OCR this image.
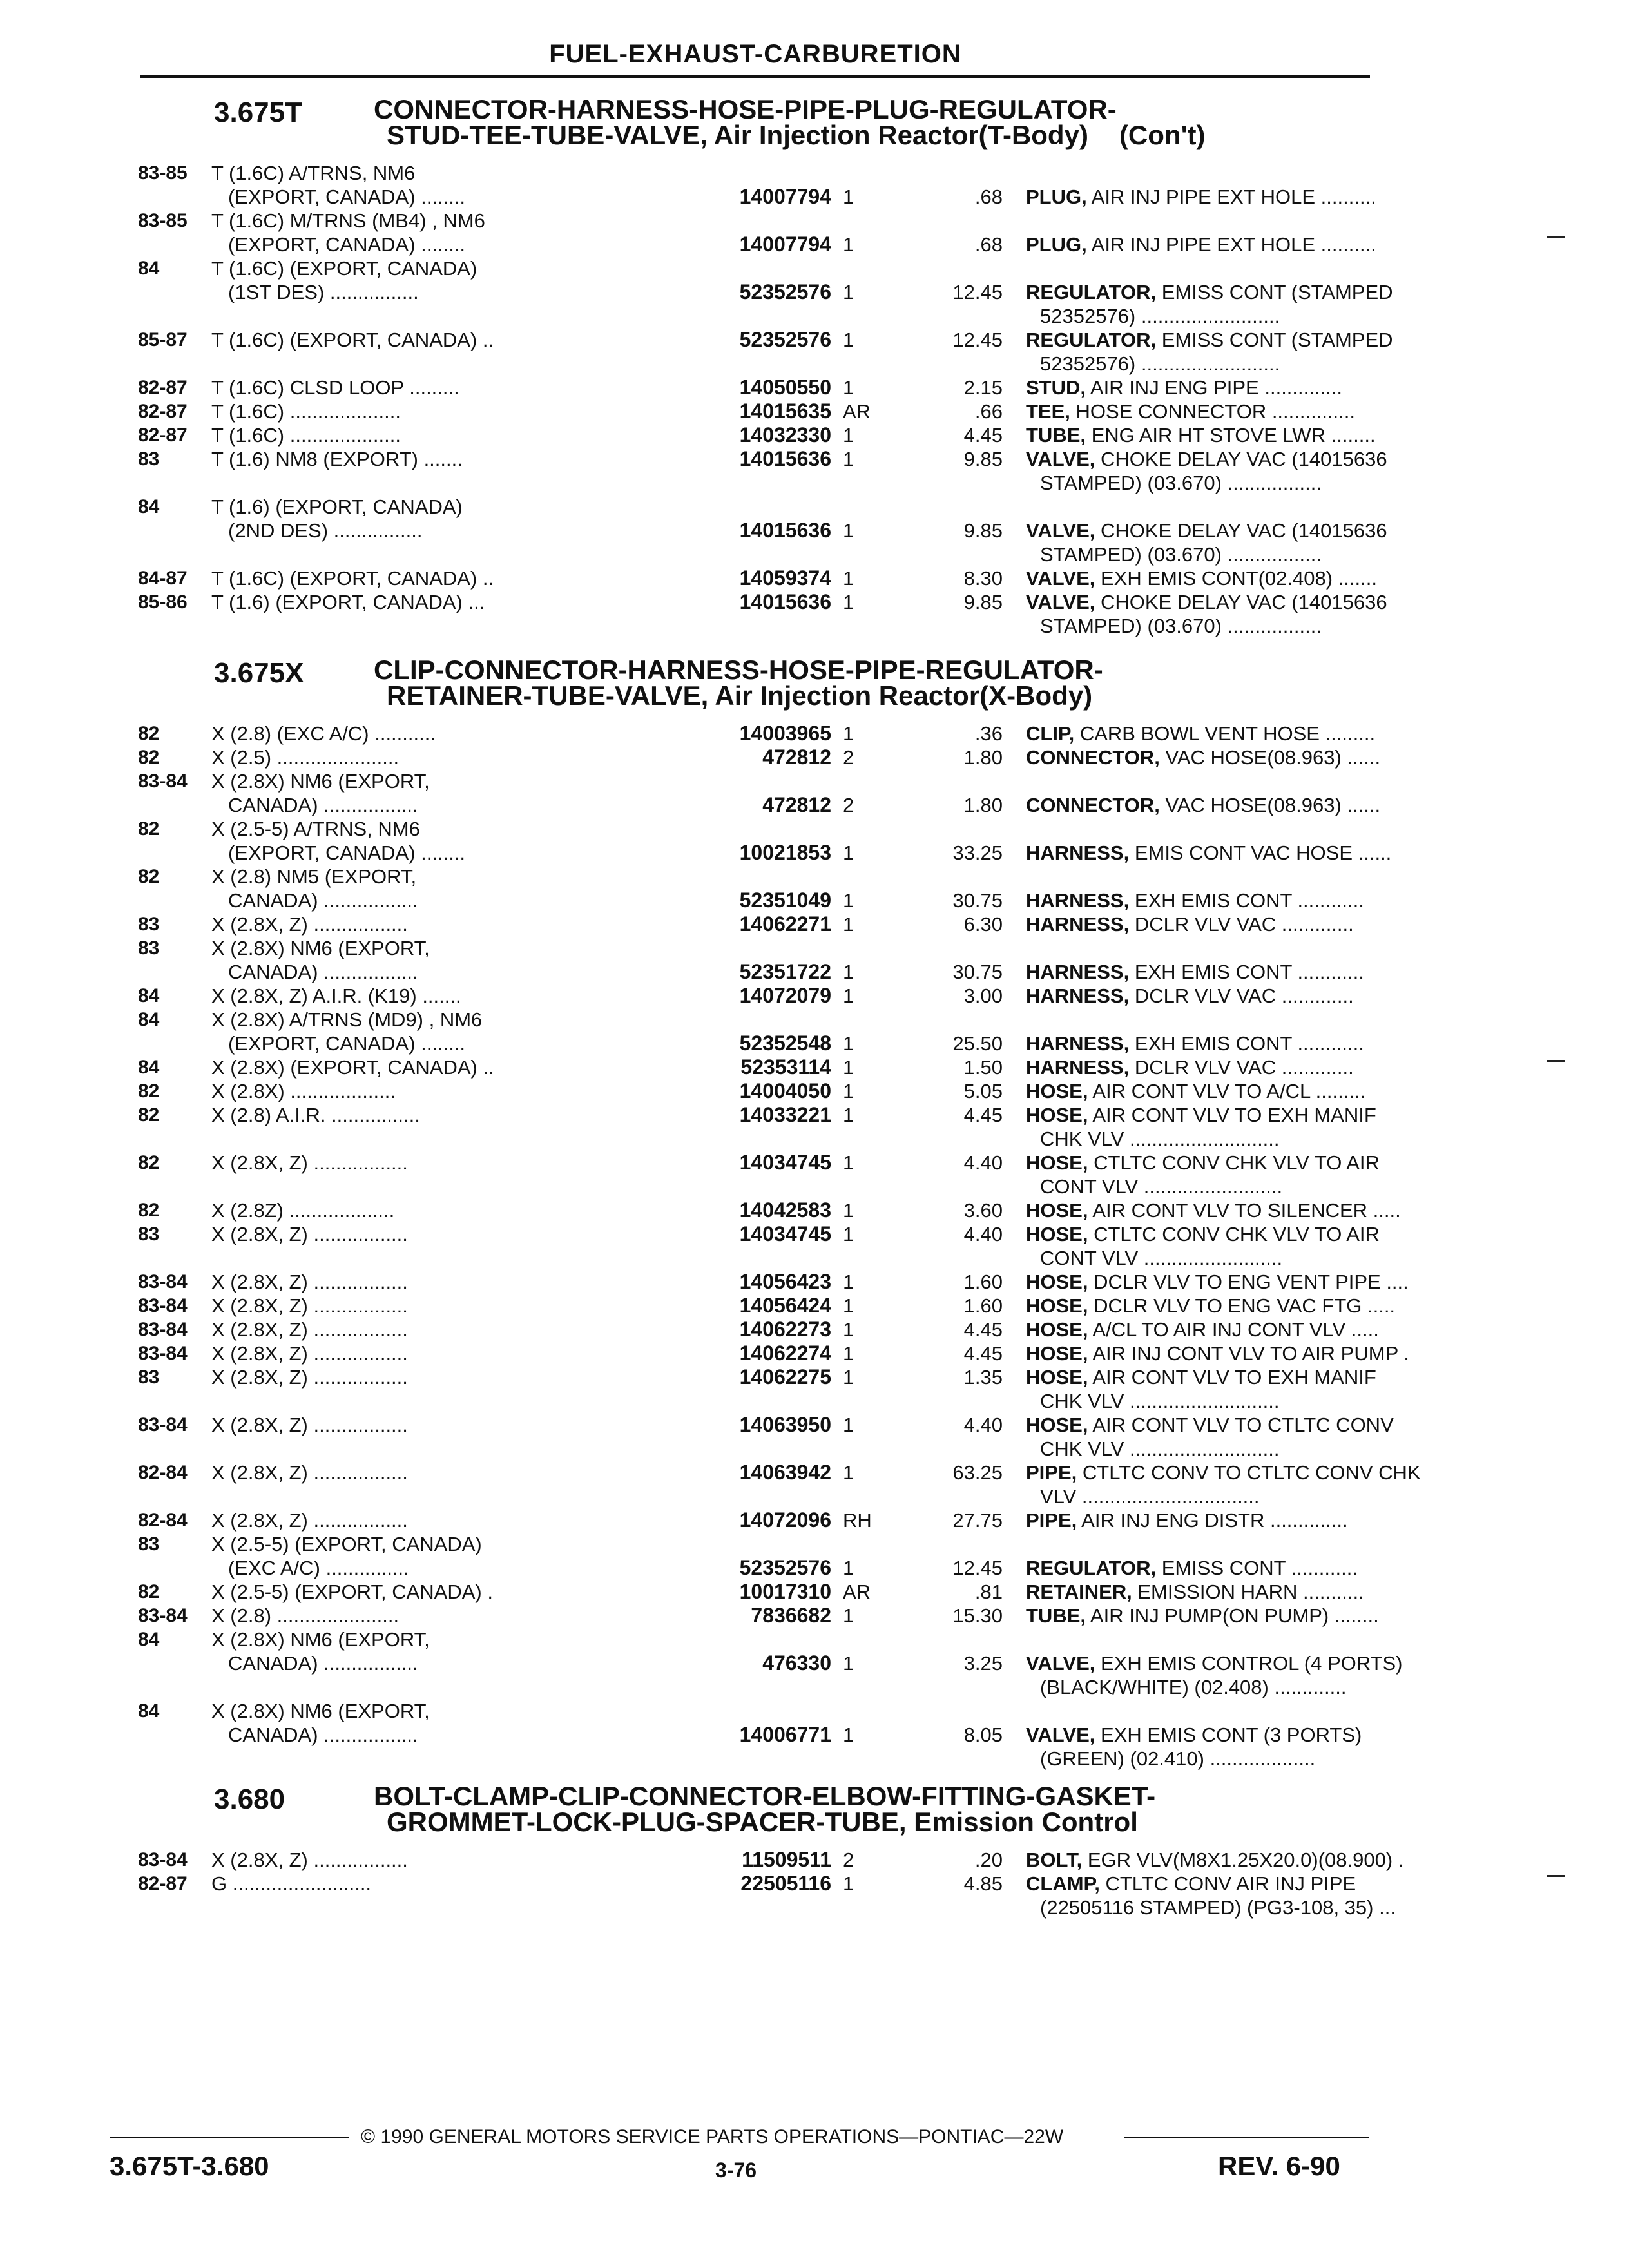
FUEL-EXHAUST-CARBURETION
3.675T	CONNECTOR-HARNESS-HOSE-PIPE-PLUG-REGULATOR-
STUD-TEE-TUBE-VALVE, Air Injection Reactor(T-Body) (Con't)
83-85	T (1.6C) A/TRNS, NM6
(EXPORT, CANADA) ........	14007794 1	.68 PLUG, AIR INJ PIPE EXT HOLE ..........
83-85	T (1.6C) M/TRNS (MB4) , NM6
(EXPORT, CANADA) ........	14007794 1	.68 PLUG, AIR INJ PIPE EXT HOLE ..........
84	T (1.6C) (EXPORT, CANADA)
(1ST DES) ................	52352576 1	12.45 REGULATOR, EMISS CONT (STAMPED
52352576) .........................
85-87	T (1.6C) (EXPORT, CANADA) ..	52352576 1	12.45 REGULATOR, EMISS CONT (STAMPED
52352576) .........................
82-87	T (1.6C) CLSD LOOP .........	14050550 1	2.15 STUD, AIR INJ ENG PIPE ..............
82-87	T (1.6C) ....................	14015635 AR	.66 TEE, HOSE CONNECTOR ...............
82-87	T (1.6C) ....................	14032330 1	4.45 TUBE, ENG AIR HT STOVE LWR ........
83	T (1.6) NM8 (EXPORT) .......	14015636 1	9.85 VALVE, CHOKE DELAY VAC (14015636
STAMPED) (03.670) .................
84	T (1.6) (EXPORT, CANADA)
(2ND DES) ................	14015636 1	9.85 VALVE, CHOKE DELAY VAC (14015636
STAMPED) (03.670) .................
84-87	T (1.6C) (EXPORT, CANADA) ..	14059374 1	8.30 VALVE, EXH EMIS CONT(02.408) .......
85-86	T (1.6) (EXPORT, CANADA) ...	14015636 1	9.85 VALVE, CHOKE DELAY VAC (14015636
STAMPED) (03.670) .................
3.675X	CLIP-CONNECTOR-HARNESS-HOSE-PIPE-REGULATOR-
RETAINER-TUBE-VALVE, Air Injection Reactor(X-Body)
82	X (2.8) (EXC A/C) ...........	14003965 1	.36 CLIP, CARB BOWL VENT HOSE .........
82	X (2.5) ......................	472812 2	1.80 CONNECTOR, VAC HOSE(08.963) ......
83-84	X (2.8X) NM6 (EXPORT,
CANADA) .................	472812 2	1.80 CONNECTOR, VAC HOSE(08.963) ......
82	X (2.5-5) A/TRNS, NM6
(EXPORT, CANADA) ........	10021853 1	33.25 HARNESS, EMIS CONT VAC HOSE ......
82	X (2.8) NM5 (EXPORT,
CANADA) .................	52351049 1	30.75 HARNESS, EXH EMIS CONT ............
83	X (2.8X, Z) .................	14062271 1	6.30 HARNESS, DCLR VLV VAC .............
83	X (2.8X) NM6 (EXPORT,
CANADA) .................	52351722 1	30.75 HARNESS, EXH EMIS CONT ............
84	X (2.8X, Z) A.I.R. (K19) .......	14072079 1	3.00 HARNESS, DCLR VLV VAC .............
84	X (2.8X) A/TRNS (MD9) , NM6
(EXPORT, CANADA) ........	52352548 1	25.50 HARNESS, EXH EMIS CONT ............
84	X (2.8X) (EXPORT, CANADA) ..	52353114 1	1.50 HARNESS, DCLR VLV VAC .............
82	X (2.8X) ...................	14004050 1	5.05 HOSE, AIR CONT VLV TO A/CL .........
82	X (2.8) A.I.R. ................	14033221 1	4.45 HOSE, AIR CONT VLV TO EXH MANIF
CHK VLV ...........................
82	X (2.8X, Z) .................	14034745 1	4.40 HOSE, CTLTC CONV CHK VLV TO AIR
CONT VLV .........................
82	X (2.8Z) ...................	14042583 1	3.60 HOSE, AIR CONT VLV TO SILENCER .....
83	X (2.8X, Z) .................	14034745 1	4.40 HOSE, CTLTC CONV CHK VLV TO AIR
CONT VLV .........................
83-84	X (2.8X, Z) .................	14056423 1	1.60 HOSE, DCLR VLV TO ENG VENT PIPE ....
83-84	X (2.8X, Z) .................	14056424 1	1.60 HOSE, DCLR VLV TO ENG VAC FTG .....
83-84	X (2.8X, Z) .................	14062273 1	4.45 HOSE, A/CL TO AIR INJ CONT VLV .....
83-84	X (2.8X, Z) .................	14062274 1	4.45 HOSE, AIR INJ CONT VLV TO AIR PUMP .
83	X (2.8X, Z) .................	14062275 1	1.35 HOSE, AIR CONT VLV TO EXH MANIF
CHK VLV ...........................
83-84	X (2.8X, Z) .................	14063950 1	4.40 HOSE, AIR CONT VLV TO CTLTC CONV
CHK VLV ...........................
82-84	X (2.8X, Z) .................	14063942 1	63.25 PIPE, CTLTC CONV TO CTLTC CONV CHK
VLV ................................
82-84	X (2.8X, Z) .................	14072096 RH	27.75 PIPE, AIR INJ ENG DISTR ..............
83	X (2.5-5) (EXPORT, CANADA)
(EXC A/C) ...............	52352576 1	12.45 REGULATOR, EMISS CONT ............
82	X (2.5-5) (EXPORT, CANADA) .	10017310 AR	.81 RETAINER, EMISSION HARN ...........
83-84	X (2.8) ......................	7836682 1	15.30 TUBE, AIR INJ PUMP(ON PUMP) ........
84	X (2.8X) NM6 (EXPORT,
CANADA) .................	476330 1	3.25 VALVE, EXH EMIS CONTROL (4 PORTS)
(BLACK/WHITE) (02.408) .............
84	X (2.8X) NM6 (EXPORT,
CANADA) .................	14006771 1	8.05 VALVE, EXH EMIS CONT (3 PORTS)
(GREEN) (02.410) ...................
3.680	BOLT-CLAMP-CLIP-CONNECTOR-ELBOW-FITTING-GASKET-
GROMMET-LOCK-PLUG-SPACER-TUBE, Emission Control
83-84	X (2.8X, Z) .................	11509511 2	.20 BOLT, EGR VLV(M8X1.25X20.0)(08.900) .
82-87	G .........................	22505116 1	4.85 CLAMP, CTLTC CONV AIR INJ PIPE
(22505116 STAMPED) (PG3-108, 35) ...
© 1990 GENERAL MOTORS SERVICE PARTS OPERATIONS—PONTIAC—22W
3.675T-3.680	3-76	REV. 6-90
